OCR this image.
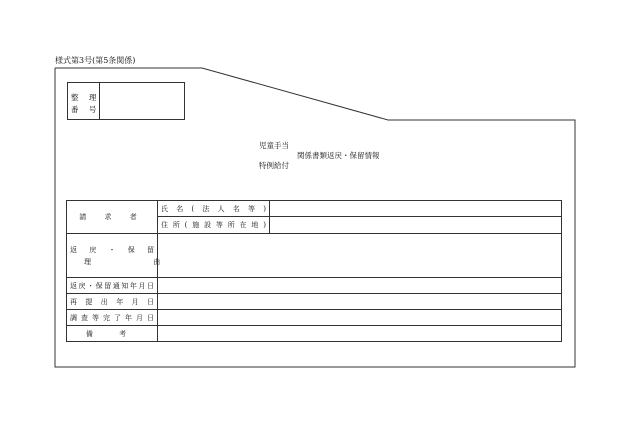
様式第3号(第5条関係)
整 理
番 号
児童手当
関係書類返戻・保留情報
特例給付
請 求 者	氏名(法人名等)	
	住所(施設等所在地)	

返 戻 ・ 保 留
理 由		

返戻・保留通知年月日		
再 提 出 年 月 日		
調 査 等 完 了 年 月 日		
備 考		
